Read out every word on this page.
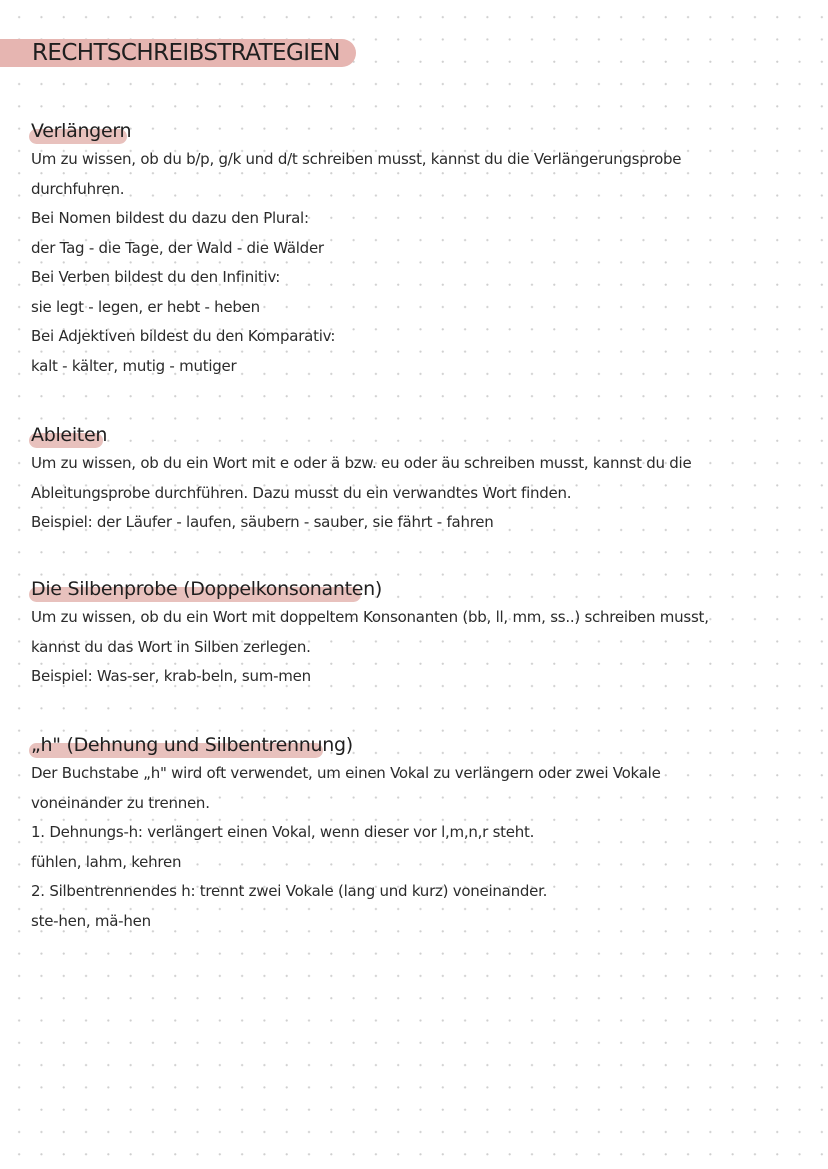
RECHTSCHREIBSTRATEGIEN
Verlängern

Um zu wissen, ob du b/p, g/k und d/t schreiben musst, kannst du die Verlängerungsprobe

durchfuhren.

Bei Nomen bildest du dazu den Plural:

der Tag - die Tage, der Wald - die Wälder

Bei Verben bildest du den Infinitiv:

sie legt - legen, er hebt - heben

Bei Adjektiven bildest du den Komparativ:

kalt - kälter, mutig - mutiger

Ableiten

Um zu wissen, ob du ein Wort mit e oder ä bzw. eu oder äu schreiben musst, kannst du die

Ableitungsprobe durchführen. Dazu musst du ein verwandtes Wort finden.

Beispiel: der Läufer - laufen, säubern - sauber, sie fährt - fahren

Die Silbenprobe (Doppelkonsonanten)

Um zu wissen, ob du ein Wort mit doppeltem Konsonanten (bb, ll, mm, ss..) schreiben musst,

kannst du das Wort in Silben zerlegen.

Beispiel: Was-ser, krab-beln, sum-men

„h" (Dehnung und Silbentrennung)

Der Buchstabe „h" wird oft verwendet, um einen Vokal zu verlängern oder zwei Vokale

voneinander zu trennen.

1. Dehnungs-h: verlängert einen Vokal, wenn dieser vor l,m,n,r steht.

fühlen, lahm, kehren

2. Silbentrennendes h: trennt zwei Vokale (lang und kurz) voneinander.

ste-hen, mä-hen
